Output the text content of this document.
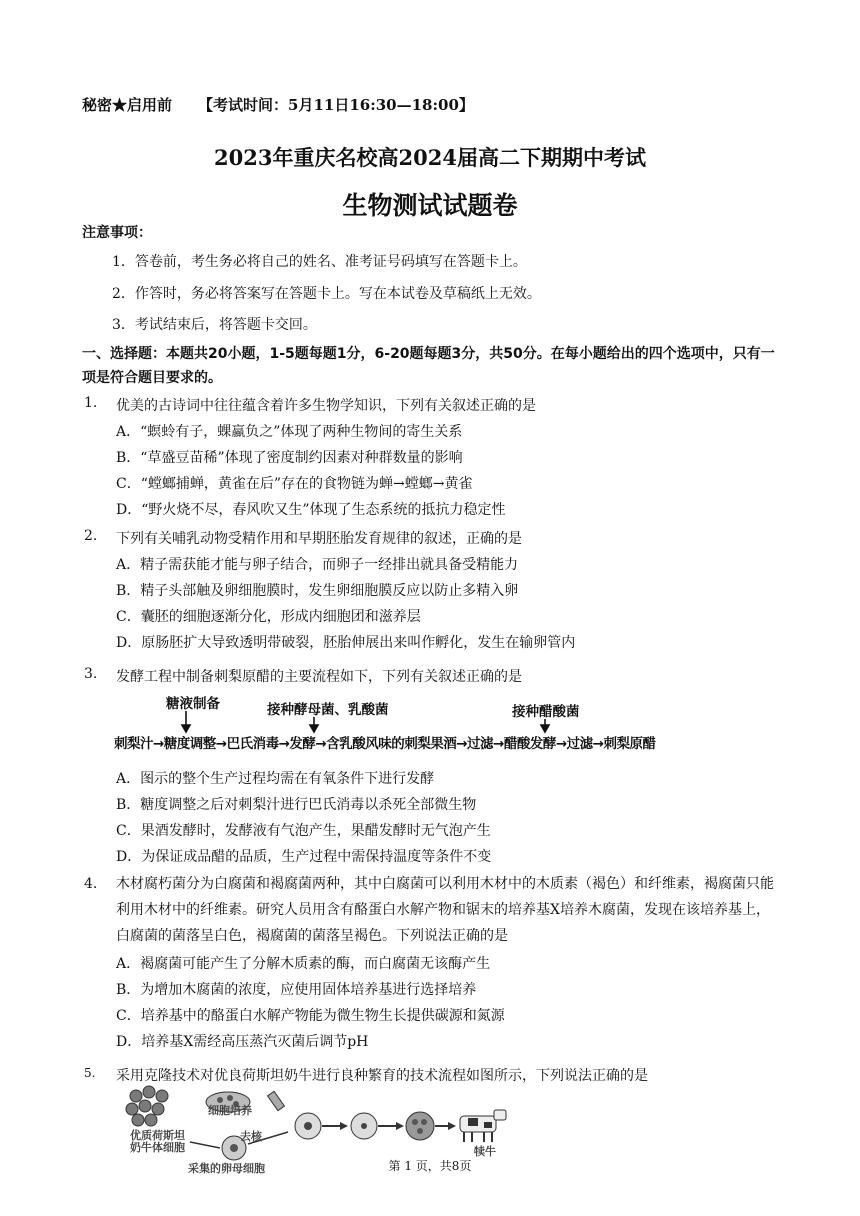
秘密★启用前 【考试时间：5月11日16:30—18:00】
2023年重庆名校高2024届高二下期期中考试
生物测试试题卷
注意事项：
1．答卷前，考生务必将自己的姓名、准考证号码填写在答题卡上。
2．作答时，务必将答案写在答题卡上。写在本试卷及草稿纸上无效。
3．考试结束后，将答题卡交回。
一、选择题：本题共20小题，1-5题每题1分，6-20题每题3分，共50分。在每小题给出的四个选项中，只有一项是符合题目要求的。
1. 优美的古诗词中往往蕴含着许多生物学知识，下列有关叙述正确的是
A．“螟蛉有子，蜾蠃负之”体现了两种生物间的寄生关系
B．“草盛豆苗稀”体现了密度制约因素对种群数量的影响
C．“螳螂捕蝉，黄雀在后”存在的食物链为蝉→螳螂→黄雀
D．“野火烧不尽，春风吹又生”体现了生态系统的抵抗力稳定性
2. 下列有关哺乳动物受精作用和早期胚胎发育规律的叙述，正确的是
A．精子需获能才能与卵子结合，而卵子一经排出就具备受精能力
B．精子头部触及卵细胞膜时，发生卵细胞膜反应以防止多精入卵
C．囊胚的细胞逐渐分化，形成内细胞团和滋养层
D．原肠胚扩大导致透明带破裂，胚胎伸展出来叫作孵化，发生在输卵管内
3. 发酵工程中制备刺梨原醋的主要流程如下，下列有关叙述正确的是
糖液制备	接种酵母菌、乳酸菌	接种醋酸菌
刺梨汁→糖度调整→巴氏消毒→发酵→含乳酸风味的刺梨果酒→过滤→醋酸发酵→过滤→刺梨原醋
A．图示的整个生产过程均需在有氧条件下进行发酵
B．糖度调整之后对刺梨汁进行巴氏消毒以杀死全部微生物
C．果酒发酵时，发酵液有气泡产生，果醋发酵时无气泡产生
D．为保证成品醋的品质，生产过程中需保持温度等条件不变
4. 木材腐朽菌分为白腐菌和褐腐菌两种，其中白腐菌可以利用木材中的木质素（褐色）和纤维素，褐腐菌只能利用木材中的纤维素。研究人员用含有酪蛋白水解产物和锯末的培养基X培养木腐菌，发现在该培养基上，白腐菌的菌落呈白色，褐腐菌的菌落呈褐色。下列说法正确的是
A．褐腐菌可能产生了分解木质素的酶，而白腐菌无该酶产生
B．为增加木腐菌的浓度，应使用固体培养基进行选择培养
C．培养基中的酪蛋白水解产物能为微生物生长提供碳源和氮源
D．培养基X需经高压蒸汽灭菌后调节pH
5. 采用克隆技术对优良荷斯坦奶牛进行良种繁育的技术流程如图所示，下列说法正确的是
优质荷斯坦
奶牛体细胞
细胞培养
去核
采集的卵母细胞
犊牛
第 1 页，共8页
